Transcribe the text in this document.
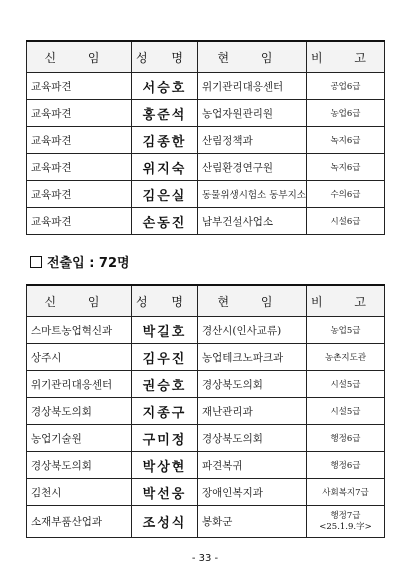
신 임	성 명	현 임	비 고
교육파견	서승호	위기관리대응센터	공업6급
교육파견	홍준석	농업자원관리원	농업6급
교육파견	김종한	산림정책과	녹지6급
교육파견	위지숙	산림환경연구원	녹지6급
교육파견	김은실	동물위생시험소 동부지소	수의6급
교육파견	손동진	남부건설사업소	시설6급
전출입 : 72명
신 임	성 명	현 임	비 고
스마트농업혁신과	박길호	경산시(인사교류)	농업5급
상주시	김우진	농업테크노파크과	농촌지도관
위기관리대응센터	권승호	경상북도의회	시설5급
경상북도의회	지종구	재난관리과	시설5급
농업기술원	구미정	경상북도의회	행정6급
경상북도의회	박상현	파견복귀	행정6급
김천시	박선웅	장애인복지과	사회복지7급
소재부품산업과	조성식	봉화군	행정7급
<25.1.9.字>
- 33 -
